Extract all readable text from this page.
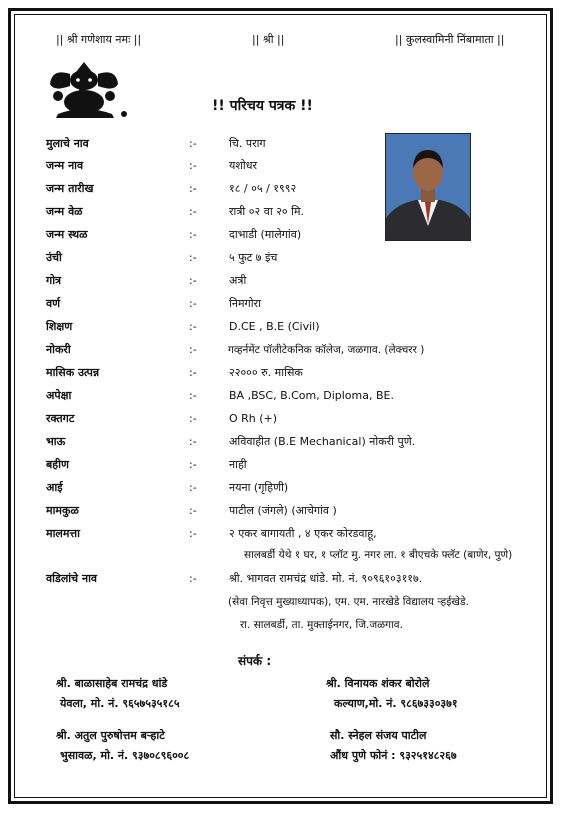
|| श्री गणेशाय नमः ||	|| श्री ||	|| कुलस्वामिनी निंबामाता ||
!! परिचय पत्रक !!
मुलाचे नाव	:-	चि. पराग
जन्म नाव	:-	यशोधर
जन्म तारीख	:-	१८ / ०५ / १९९२
जन्म वेळ	:-	रात्री ०२ वा २० मि.
जन्म स्थळ	:-	दाभाडी (मालेगांव)
उंची	:-	५ फुट ७ इंच
गोत्र	:-	अत्री
वर्ण	:-	निमगोरा
शिक्षण	:-	D.CE , B.E (Civil)
नोकरी	:-	गव्हर्नमेंट पॉलीटेकनिक कॉलेज, जळगाव. (लेक्चरर )
मासिक उत्पन्न	:-	२२००० रु. मासिक
अपेक्षा	:-	BA ,BSC, B.Com, Diploma, BE.
रक्तगट	:-	O Rh (+)
भाऊ	:-	अविवाहीत (B.E Mechanical) नोकरी पुणे.
बहीण	:-	नाही
आई	:-	नयना (गृहिणी)
मामकुळ	:-	पाटील (जंगले) (आचेगांव )
मालमत्ता	:-	२ एकर बागायती , ४ एकर कोरडवाहू,
सालबर्डी येथे १ घर, १ प्लॉट मु. नगर ला. १ बीएचके फ्लॅट (बाणेर, पुणे)
वडिलांचे नाव	:-	श्री. भागवत रामचंद्र धांडे. मो. नं. ९०९६१०३११७.
(सेवा निवृत्त मुख्याध्यापक), एम. एम. नारखेडे विद्यालय ऱ्हईखेडे.
रा. सालबर्डी, ता. मुक्ताईनगर, जि.जळगाव.
संपर्क :
श्री. बाळासाहेब रामचंद्र धांडे
येवला, मो. नं. ९६५७५३५१८५
श्री. विनायक शंकर बोरोले
कल्याण,मो. नं. ९८६७३३०३७१
श्री. अतुल पुरुषोत्तम बऱ्हाटे
भुसावळ, मो. नं. ९३७०८९६००८
सौ. स्नेहल संजय पाटील
औंध पुणे फोनं : ९३२५१४८२६७
